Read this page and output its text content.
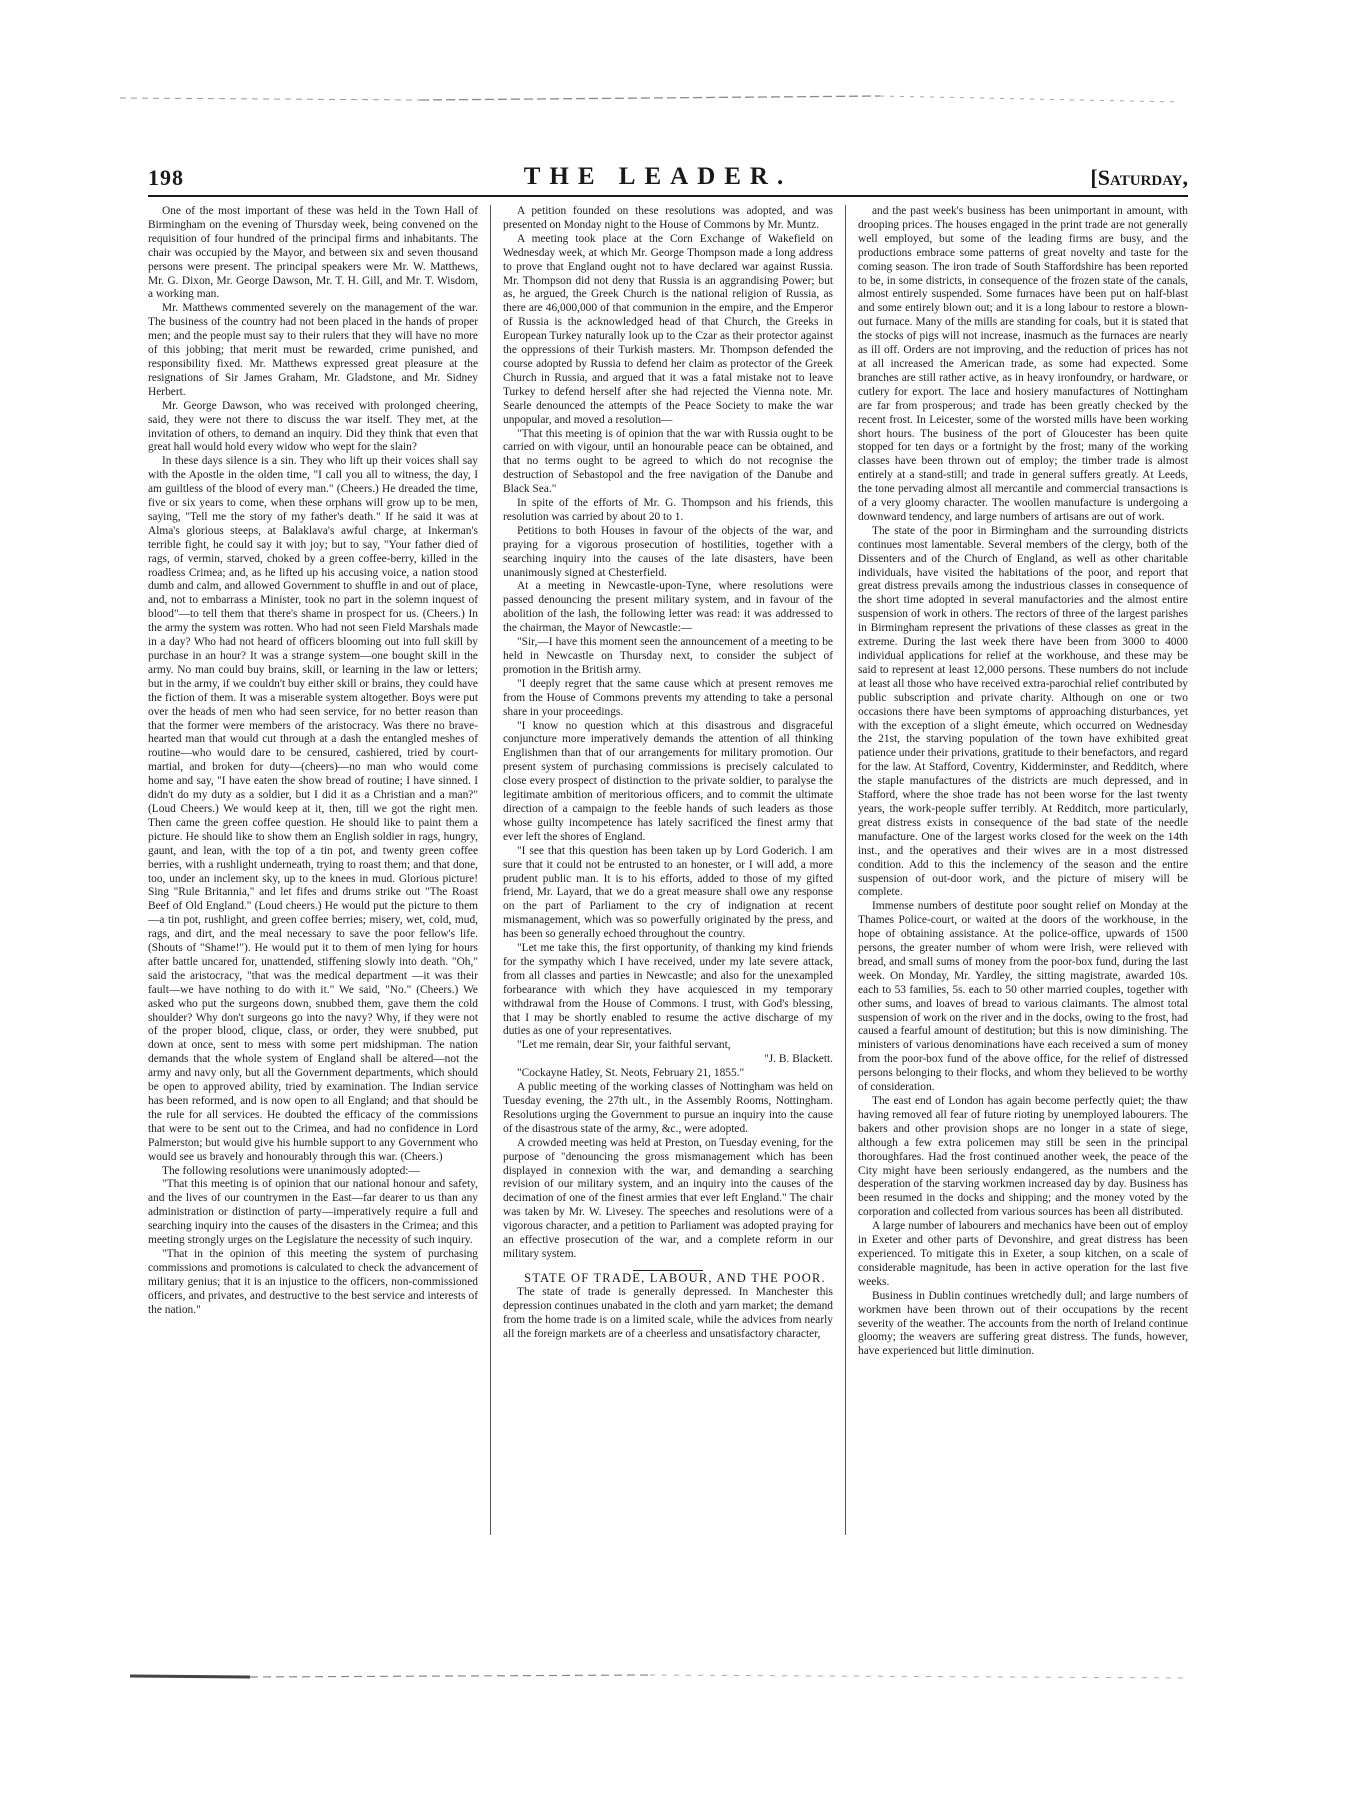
198	THE LEADER.	[Saturday,

One of the most important of these was held in the Town Hall of Birmingham on the evening of Thursday week, being convened on the requisition of four hundred of the principal firms and inhabitants. The chair was occupied by the Mayor, and between six and seven thousand persons were present. The principal speakers were Mr. W. Matthews, Mr. G. Dixon, Mr. George Dawson, Mr. T. H. Gill, and Mr. T. Wisdom, a working man.

Mr. Matthews commented severely on the management of the war. The business of the country had not been placed in the hands of proper men; and the people must say to their rulers that they will have no more of this jobbing; that merit must be rewarded, crime punished, and responsibility fixed. Mr. Matthews expressed great pleasure at the resignations of Sir James Graham, Mr. Gladstone, and Mr. Sidney Herbert.

Mr. George Dawson, who was received with prolonged cheering, said, they were not there to discuss the war itself. They met, at the invitation of others, to demand an inquiry. Did they think that even that great hall would hold every widow who wept for the slain?

In these days silence is a sin. They who lift up their voices shall say with the Apostle in the olden time, "I call you all to witness, the day, I am guiltless of the blood of every man." (Cheers.) He dreaded the time, five or six years to come, when these orphans will grow up to be men, saying, "Tell me the story of my father's death." If he said it was at Alma's glorious steeps, at Balaklava's awful charge, at Inkerman's terrible fight, he could say it with joy; but to say, "Your father died of rags, of vermin, starved, choked by a green coffee-berry, killed in the roadless Crimea; and, as he lifted up his accusing voice, a nation stood dumb and calm, and allowed Government to shuffle in and out of place, and, not to embarrass a Minister, took no part in the solemn inquest of blood"—to tell them that there's shame in prospect for us. (Cheers.) In the army the system was rotten. Who had not seen Field Marshals made in a day? Who had not heard of officers blooming out into full skill by purchase in an hour? It was a strange system—one bought skill in the army. No man could buy brains, skill, or learning in the law or letters; but in the army, if we couldn't buy either skill or brains, they could have the fiction of them. It was a miserable system altogether. Boys were put over the heads of men who had seen service, for no better reason than that the former were members of the aristocracy. Was there no brave-hearted man that would cut through at a dash the entangled meshes of routine—who would dare to be censured, cashiered, tried by court-martial, and broken for duty—(cheers)—no man who would come home and say, "I have eaten the show bread of routine; I have sinned. I didn't do my duty as a soldier, but I did it as a Christian and a man?" (Loud Cheers.) We would keep at it, then, till we got the right men. Then came the green coffee question. He should like to paint them a picture. He should like to show them an English soldier in rags, hungry, gaunt, and lean, with the top of a tin pot, and twenty green coffee berries, with a rushlight underneath, trying to roast them; and that done, too, under an inclement sky, up to the knees in mud. Glorious picture! Sing "Rule Britannia," and let fifes and drums strike out "The Roast Beef of Old England." (Loud cheers.) He would put the picture to them—a tin pot, rushlight, and green coffee berries; misery, wet, cold, mud, rags, and dirt, and the meal necessary to save the poor fellow's life. (Shouts of "Shame!"). He would put it to them of men lying for hours after battle uncared for, unattended, stiffening slowly into death. "Oh," said the aristocracy, "that was the medical department —it was their fault—we have nothing to do with it." We said, "No." (Cheers.) We asked who put the surgeons down, snubbed them, gave them the cold shoulder? Why don't surgeons go into the navy? Why, if they were not of the proper blood, clique, class, or order, they were snubbed, put down at once, sent to mess with some pert midshipman. The nation demands that the whole system of England shall be altered—not the army and navy only, but all the Government departments, which should be open to approved ability, tried by examination. The Indian service has been reformed, and is now open to all England; and that should be the rule for all services. He doubted the efficacy of the commissions that were to be sent out to the Crimea, and had no confidence in Lord Palmerston; but would give his humble support to any Government who would see us bravely and honourably through this war. (Cheers.)

The following resolutions were unanimously adopted:—

"That this meeting is of opinion that our national honour and safety, and the lives of our countrymen in the East—far dearer to us than any administration or distinction of party—imperatively require a full and searching inquiry into the causes of the disasters in the Crimea; and this meeting strongly urges on the Legislature the necessity of such inquiry.

"That in the opinion of this meeting the system of purchasing commissions and promotions is calculated to check the advancement of military genius; that it is an injustice to the officers, non-commissioned officers, and privates, and destructive to the best service and interests of the nation."

A petition founded on these resolutions was adopted, and was presented on Monday night to the House of Commons by Mr. Muntz.

A meeting took place at the Corn Exchange of Wakefield on Wednesday week, at which Mr. George Thompson made a long address to prove that England ought not to have declared war against Russia. Mr. Thompson did not deny that Russia is an aggrandising Power; but as, he argued, the Greek Church is the national religion of Russia, as there are 46,000,000 of that communion in the empire, and the Emperor of Russia is the acknowledged head of that Church, the Greeks in European Turkey naturally look up to the Czar as their protector against the oppressions of their Turkish masters. Mr. Thompson defended the course adopted by Russia to defend her claim as protector of the Greek Church in Russia, and argued that it was a fatal mistake not to leave Turkey to defend herself after she had rejected the Vienna note. Mr. Searle denounced the attempts of the Peace Society to make the war unpopular, and moved a resolution—

"That this meeting is of opinion that the war with Russia ought to be carried on with vigour, until an honourable peace can be obtained, and that no terms ought to be agreed to which do not recognise the destruction of Sebastopol and the free navigation of the Danube and Black Sea."

In spite of the efforts of Mr. G. Thompson and his friends, this resolution was carried by about 20 to 1.

Petitions to both Houses in favour of the objects of the war, and praying for a vigorous prosecution of hostilities, together with a searching inquiry into the causes of the late disasters, have been unanimously signed at Chesterfield.

At a meeting in Newcastle-upon-Tyne, where resolutions were passed denouncing the present military system, and in favour of the abolition of the lash, the following letter was read: it was addressed to the chairman, the Mayor of Newcastle:—

"Sir,—I have this moment seen the announcement of a meeting to be held in Newcastle on Thursday next, to consider the subject of promotion in the British army.

"I deeply regret that the same cause which at present removes me from the House of Commons prevents my attending to take a personal share in your proceedings.

"I know no question which at this disastrous and disgraceful conjuncture more imperatively demands the attention of all thinking Englishmen than that of our arrangements for military promotion. Our present system of purchasing commissions is precisely calculated to close every prospect of distinction to the private soldier, to paralyse the legitimate ambition of meritorious officers, and to commit the ultimate direction of a campaign to the feeble hands of such leaders as those whose guilty incompetence has lately sacrificed the finest army that ever left the shores of England.

"I see that this question has been taken up by Lord Goderich. I am sure that it could not be entrusted to an honester, or I will add, a more prudent public man. It is to his efforts, added to those of my gifted friend, Mr. Layard, that we do a great measure shall owe any response on the part of Parliament to the cry of indignation at recent mismanagement, which was so powerfully originated by the press, and has been so generally echoed throughout the country.

"Let me take this, the first opportunity, of thanking my kind friends for the sympathy which I have received, under my late severe attack, from all classes and parties in Newcastle; and also for the unexampled forbearance with which they have acquiesced in my temporary withdrawal from the House of Commons. I trust, with God's blessing, that I may be shortly enabled to resume the active discharge of my duties as one of your representatives.

"Let me remain, dear Sir, your faithful servant,

"J. B. Blackett.

"Cockayne Hatley, St. Neots, February 21, 1855."

A public meeting of the working classes of Nottingham was held on Tuesday evening, the 27th ult., in the Assembly Rooms, Nottingham. Resolutions urging the Government to pursue an inquiry into the cause of the disastrous state of the army, &c., were adopted.

A crowded meeting was held at Preston, on Tuesday evening, for the purpose of "denouncing the gross mismanagement which has been displayed in connexion with the war, and demanding a searching revision of our military system, and an inquiry into the causes of the decimation of one of the finest armies that ever left England." The chair was taken by Mr. W. Livesey. The speeches and resolutions were of a vigorous character, and a petition to Parliament was adopted praying for an effective prosecution of the war, and a complete reform in our military system.

STATE OF TRADE, LABOUR, AND THE POOR.

The state of trade is generally depressed. In Manchester this depression continues unabated in the cloth and yarn market; the demand from the home trade is on a limited scale, while the advices from nearly all the foreign markets are of a cheerless and unsatisfactory character,

and the past week's business has been unimportant in amount, with drooping prices. The houses engaged in the print trade are not generally well employed, but some of the leading firms are busy, and the productions embrace some patterns of great novelty and taste for the coming season. The iron trade of South Staffordshire has been reported to be, in some districts, in consequence of the frozen state of the canals, almost entirely suspended. Some furnaces have been put on half-blast and some entirely blown out; and it is a long labour to restore a blown-out furnace. Many of the mills are standing for coals, but it is stated that the stocks of pigs will not increase, inasmuch as the furnaces are nearly as ill off. Orders are not improving, and the reduction of prices has not at all increased the American trade, as some had expected. Some branches are still rather active, as in heavy ironfoundry, or hardware, or cutlery for export. The lace and hosiery manufactures of Nottingham are far from prosperous; and trade has been greatly checked by the recent frost. In Leicester, some of the worsted mills have been working short hours. The business of the port of Gloucester has been quite stopped for ten days or a fortnight by the frost; many of the working classes have been thrown out of employ; the timber trade is almost entirely at a stand-still; and trade in general suffers greatly. At Leeds, the tone pervading almost all mercantile and commercial transactions is of a very gloomy character. The woollen manufacture is undergoing a downward tendency, and large numbers of artisans are out of work.

The state of the poor in Birmingham and the surrounding districts continues most lamentable. Several members of the clergy, both of the Dissenters and of the Church of England, as well as other charitable individuals, have visited the habitations of the poor, and report that great distress prevails among the industrious classes in consequence of the short time adopted in several manufactories and the almost entire suspension of work in others. The rectors of three of the largest parishes in Birmingham represent the privations of these classes as great in the extreme. During the last week there have been from 3000 to 4000 individual applications for relief at the workhouse, and these may be said to represent at least 12,000 persons. These numbers do not include at least all those who have received extra-parochial relief contributed by public subscription and private charity. Although on one or two occasions there have been symptoms of approaching disturbances, yet with the exception of a slight émeute, which occurred on Wednesday the 21st, the starving population of the town have exhibited great patience under their privations, gratitude to their benefactors, and regard for the law. At Stafford, Coventry, Kidderminster, and Redditch, where the staple manufactures of the districts are much depressed, and in Stafford, where the shoe trade has not been worse for the last twenty years, the work-people suffer terribly. At Redditch, more particularly, great distress exists in consequence of the bad state of the needle manufacture. One of the largest works closed for the week on the 14th inst., and the operatives and their wives are in a most distressed condition. Add to this the inclemency of the season and the entire suspension of out-door work, and the picture of misery will be complete.

Immense numbers of destitute poor sought relief on Monday at the Thames Police-court, or waited at the doors of the workhouse, in the hope of obtaining assistance. At the police-office, upwards of 1500 persons, the greater number of whom were Irish, were relieved with bread, and small sums of money from the poor-box fund, during the last week. On Monday, Mr. Yardley, the sitting magistrate, awarded 10s. each to 53 families, 5s. each to 50 other married couples, together with other sums, and loaves of bread to various claimants. The almost total suspension of work on the river and in the docks, owing to the frost, had caused a fearful amount of destitution; but this is now diminishing. The ministers of various denominations have each received a sum of money from the poor-box fund of the above office, for the relief of distressed persons belonging to their flocks, and whom they believed to be worthy of consideration.

The east end of London has again become perfectly quiet; the thaw having removed all fear of future rioting by unemployed labourers. The bakers and other provision shops are no longer in a state of siege, although a few extra policemen may still be seen in the principal thoroughfares. Had the frost continued another week, the peace of the City might have been seriously endangered, as the numbers and the desperation of the starving workmen increased day by day. Business has been resumed in the docks and shipping; and the money voted by the corporation and collected from various sources has been all distributed.

A large number of labourers and mechanics have been out of employ in Exeter and other parts of Devonshire, and great distress has been experienced. To mitigate this in Exeter, a soup kitchen, on a scale of considerable magnitude, has been in active operation for the last five weeks.

Business in Dublin continues wretchedly dull; and large numbers of workmen have been thrown out of their occupations by the recent severity of the weather. The accounts from the north of Ireland continue gloomy; the weavers are suffering great distress. The funds, however, have experienced but little diminution.
